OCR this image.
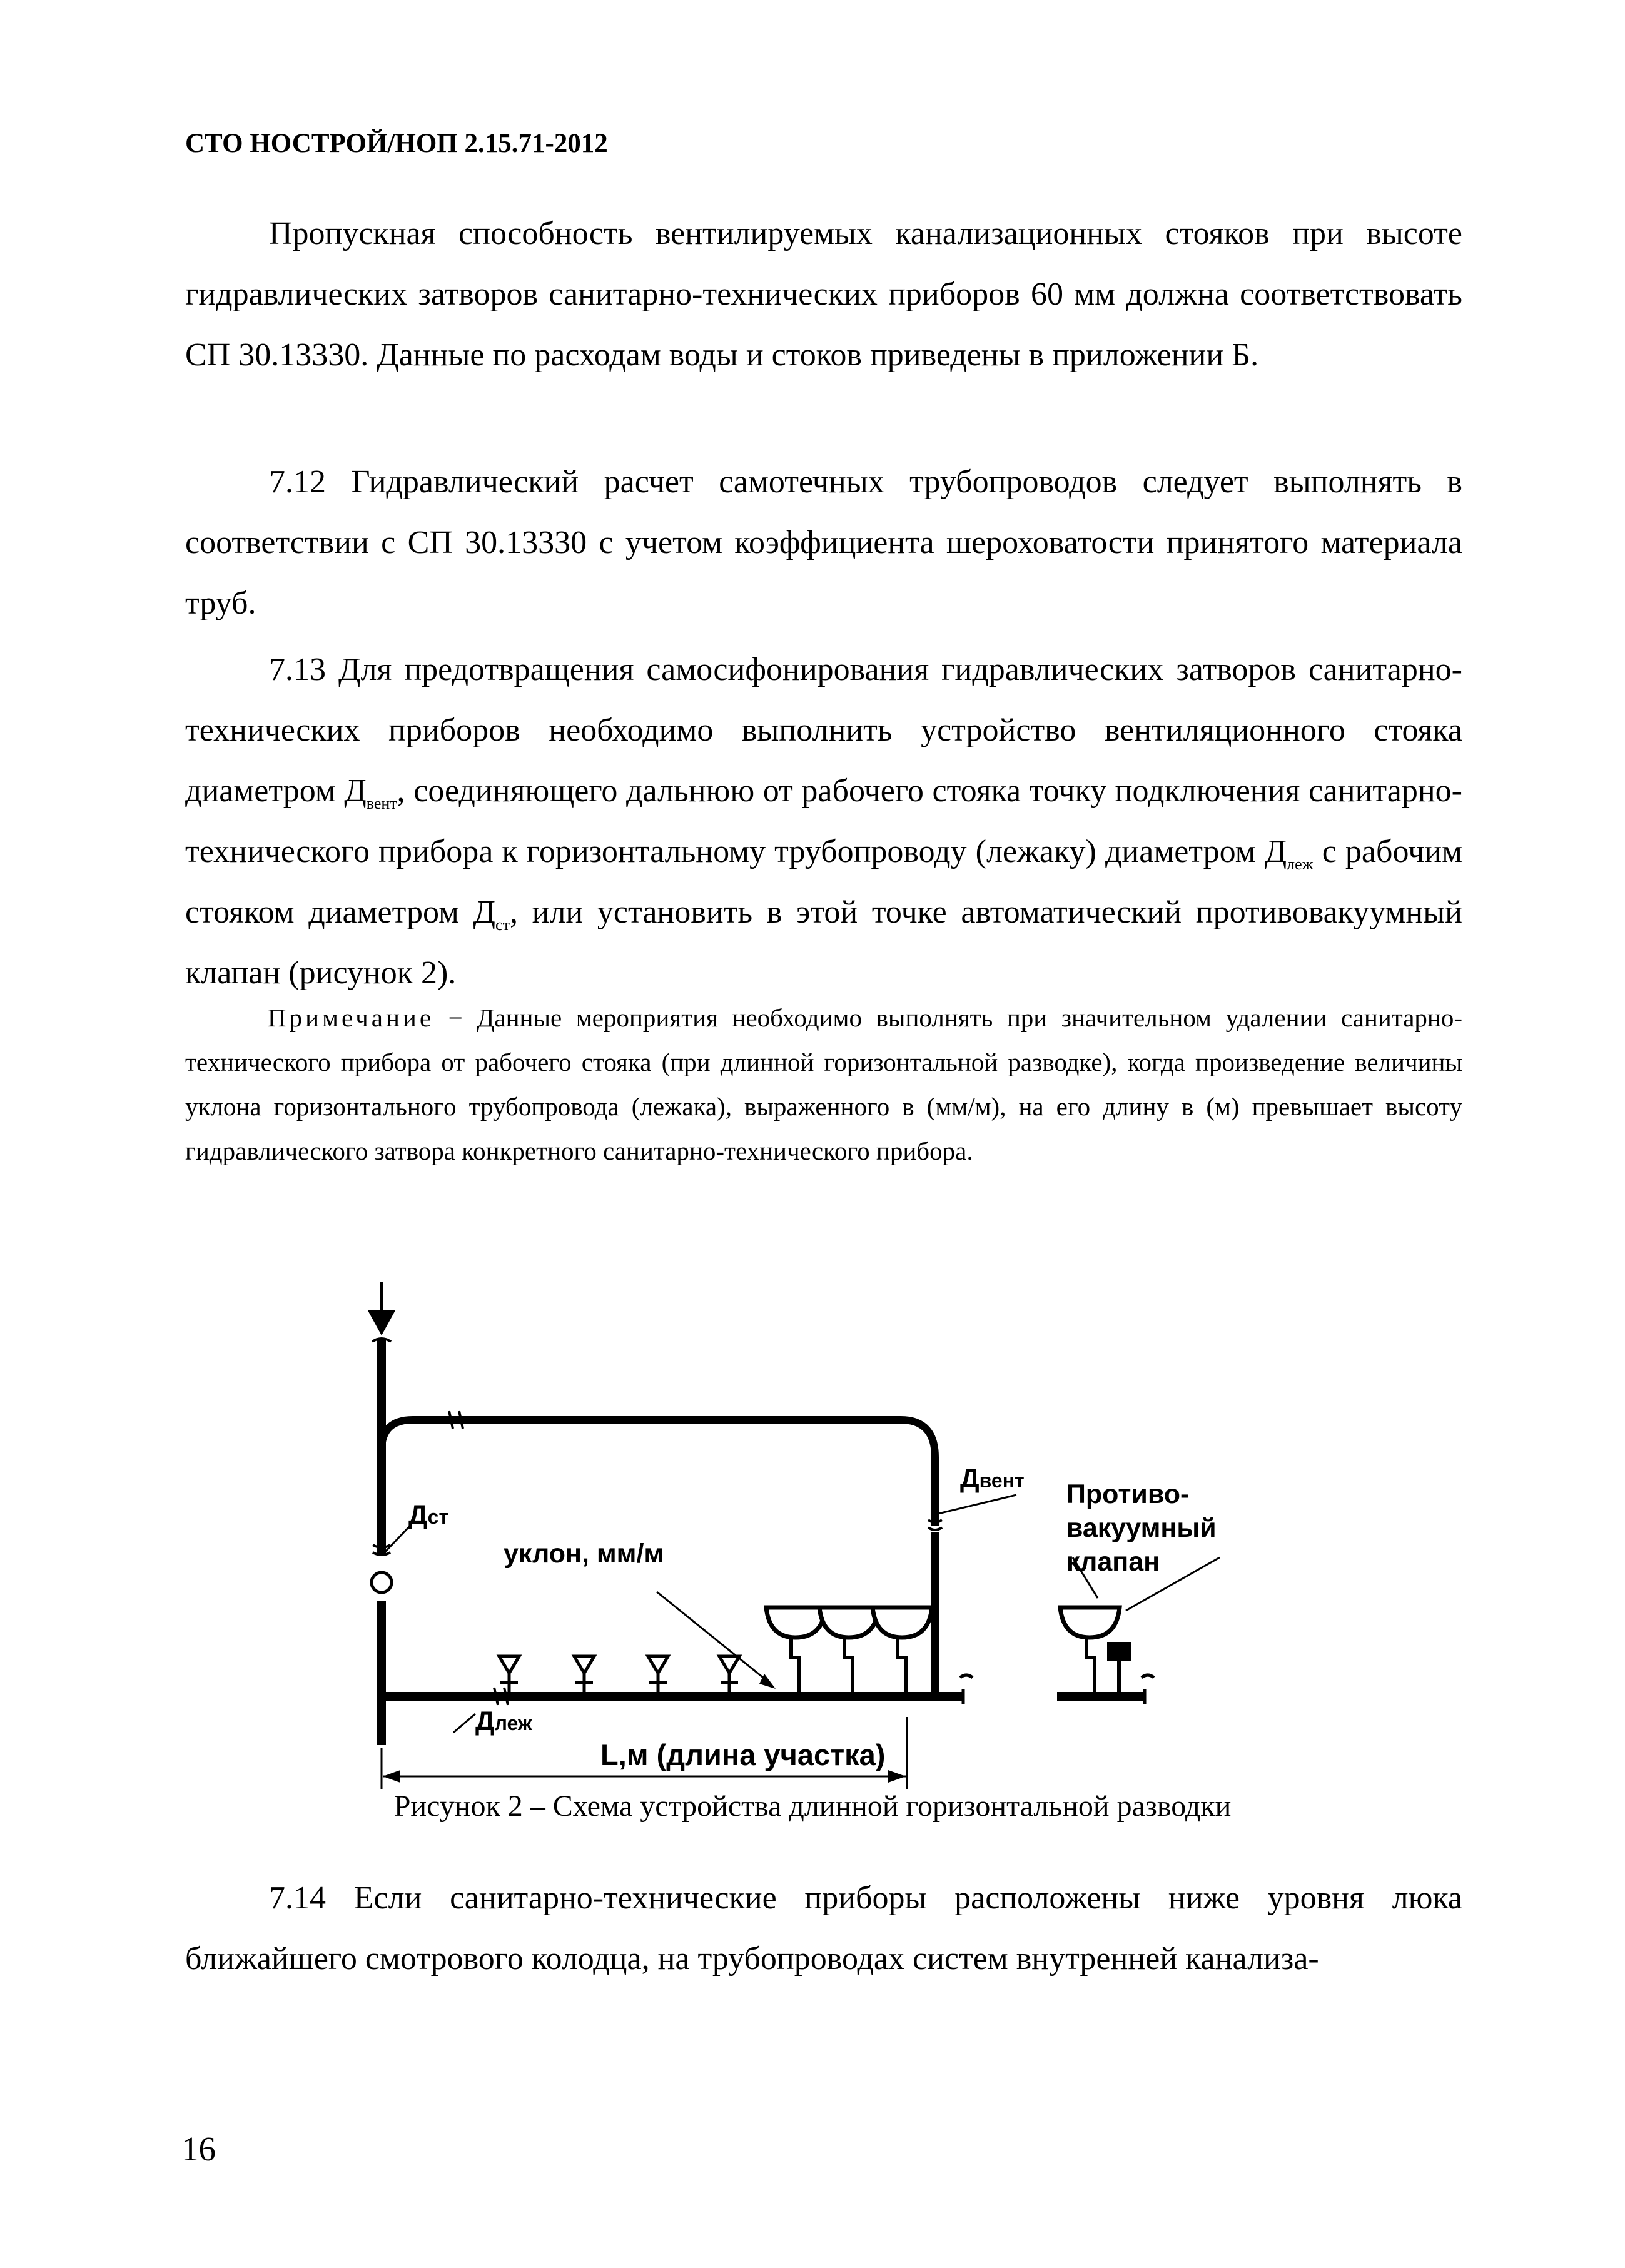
СТО НОСТРОЙ/НОП 2.15.71-2012

Пропускная способность вентилируемых канализационных стояков при высоте гидравлических затворов санитарно-технических приборов 60 мм должна соответствовать СП 30.13330. Данные по расходам воды и стоков приведены в приложении Б.

7.12 Гидравлический расчет самотечных трубопроводов следует выполнять в соответствии с СП 30.13330 с учетом коэффициента шероховатости принятого материала труб.

7.13 Для предотвращения самосифонирования гидравлических затворов санитарно-технических приборов необходимо выполнить устройство вентиляционного стояка диаметром $Д_{вент}$, соединяющего дальнюю от рабочего стояка точку подключения санитарно-технического прибора к горизонтальному трубопроводу (лежаку) диаметром $Д_{леж}$ с рабочим стояком диаметром $Д_{ст}$, или установить в этой точке автоматический противовакуумный клапан (рисунок 2).

Примечание − Данные мероприятия необходимо выполнять при значительном удалении санитарно-технического прибора от рабочего стояка (при длинной горизонтальной разводке), когда произведение величины уклона горизонтального трубопровода (лежака), выраженного в (мм/м), на его длину в (м) превышает высоту гидравлического затвора конкретного санитарно-технического прибора.

Дст
Двент
уклон, мм/м
Длеж
L,м (длина участка)
Противо-
вакуумный
клапан
Рисунок 2 – Схема устройства длинной горизонтальной разводки

7.14 Если санитарно-технические приборы расположены ниже уровня люка ближайшего смотрового колодца, на трубопроводах систем внутренней канализа-

16
